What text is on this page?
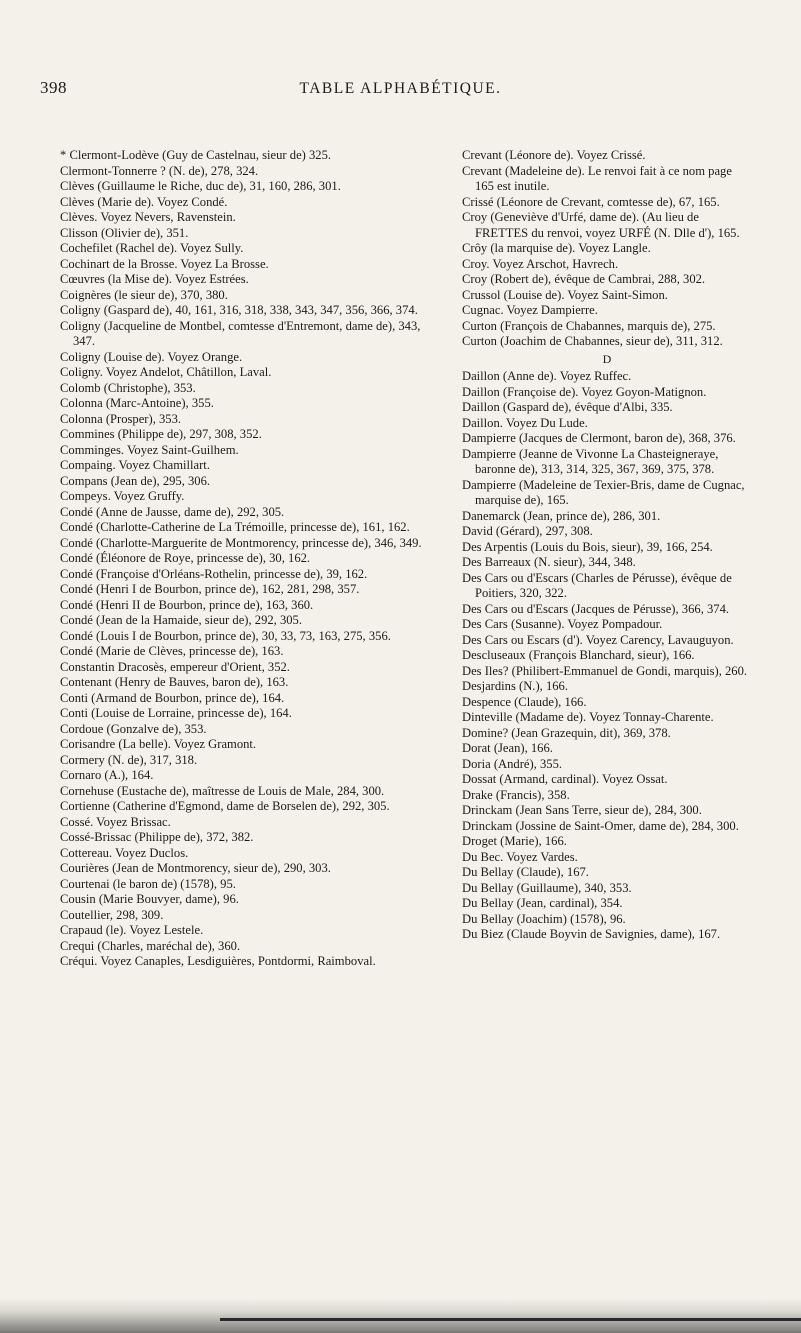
398	TABLE ALPHABÉTIQUE.

* Clermont-Lodève (Guy de Castelnau, sieur de) 325.

Clermont-Tonnerre ? (N. de), 278, 324.

Clèves (Guillaume le Riche, duc de), 31, 160, 286, 301.

Clèves (Marie de). Voyez Condé.

Clèves. Voyez Nevers, Ravenstein.

Clisson (Olivier de), 351.

Cochefilet (Rachel de). Voyez Sully.

Cochinart de la Brosse. Voyez La Brosse.

Cœuvres (la Mise de). Voyez Estrées.

Coignères (le sieur de), 370, 380.

Coligny (Gaspard de), 40, 161, 316, 318, 338, 343, 347, 356, 366, 374.

Coligny (Jacqueline de Montbel, comtesse d'Entremont, dame de), 343, 347.

Coligny (Louise de). Voyez Orange.

Coligny. Voyez Andelot, Châtillon, Laval.

Colomb (Christophe), 353.

Colonna (Marc-Antoine), 355.

Colonna (Prosper), 353.

Commines (Philippe de), 297, 308, 352.

Comminges. Voyez Saint-Guilhem.

Compaing. Voyez Chamillart.

Compans (Jean de), 295, 306.

Compeys. Voyez Gruffy.

Condé (Anne de Jausse, dame de), 292, 305.

Condé (Charlotte-Catherine de La Trémoille, princesse de), 161, 162.

Condé (Charlotte-Marguerite de Montmorency, princesse de), 346, 349.

Condé (Éléonore de Roye, princesse de), 30, 162.

Condé (Françoise d'Orléans-Rothelin, princesse de), 39, 162.

Condé (Henri I de Bourbon, prince de), 162, 281, 298, 357.

Condé (Henri II de Bourbon, prince de), 163, 360.

Condé (Jean de la Hamaide, sieur de), 292, 305.

Condé (Louis I de Bourbon, prince de), 30, 33, 73, 163, 275, 356.

Condé (Marie de Clèves, princesse de), 163.

Constantin Dracosès, empereur d'Orient, 352.

Contenant (Henry de Bauves, baron de), 163.

Conti (Armand de Bourbon, prince de), 164.

Conti (Louise de Lorraine, princesse de), 164.

Cordoue (Gonzalve de), 353.

Corisandre (La belle). Voyez Gramont.

Cormery (N. de), 317, 318.

Cornaro (A.), 164.

Cornehuse (Eustache de), maîtresse de Louis de Male, 284, 300.

Cortienne (Catherine d'Egmond, dame de Borselen de), 292, 305.

Cossé. Voyez Brissac.

Cossé-Brissac (Philippe de), 372, 382.

Cottereau. Voyez Duclos.

Courières (Jean de Montmorency, sieur de), 290, 303.

Courtenai (le baron de) (1578), 95.

Cousin (Marie Bouvyer, dame), 96.

Coutellier, 298, 309.

Crapaud (le). Voyez Lestele.

Crequi (Charles, maréchal de), 360.

Créqui. Voyez Canaples, Lesdiguières, Pontdormi, Raimboval.

Crevant (Léonore de). Voyez Crissé.

Crevant (Madeleine de). Le renvoi fait à ce nom page 165 est inutile.

Crissé (Léonore de Crevant, comtesse de), 67, 165.

Croy (Geneviève d'Urfé, dame de). (Au lieu de FRETTES du renvoi, voyez URFÉ (N. Dlle d'), 165.

Crôy (la marquise de). Voyez Langle.

Croy. Voyez Arschot, Havrech.

Croy (Robert de), évêque de Cambrai, 288, 302.

Crussol (Louise de). Voyez Saint-Simon.

Cugnac. Voyez Dampierre.

Curton (François de Chabannes, marquis de), 275.

Curton (Joachim de Chabannes, sieur de), 311, 312.

D

Daillon (Anne de). Voyez Ruffec.

Daillon (Françoise de). Voyez Goyon-Matignon.

Daillon (Gaspard de), évêque d'Albi, 335.

Daillon. Voyez Du Lude.

Dampierre (Jacques de Clermont, baron de), 368, 376.

Dampierre (Jeanne de Vivonne La Chasteigneraye, baronne de), 313, 314, 325, 367, 369, 375, 378.

Dampierre (Madeleine de Texier-Bris, dame de Cugnac, marquise de), 165.

Danemarck (Jean, prince de), 286, 301.

David (Gérard), 297, 308.

Des Arpentis (Louis du Bois, sieur), 39, 166, 254.

Des Barreaux (N. sieur), 344, 348.

Des Cars ou d'Escars (Charles de Pérusse), évêque de Poitiers, 320, 322.

Des Cars ou d'Escars (Jacques de Pérusse), 366, 374.

Des Cars (Susanne). Voyez Pompadour.

Des Cars ou Escars (d'). Voyez Carency, Lavauguyon.

Descluseaux (François Blanchard, sieur), 166.

Des Iles? (Philibert-Emmanuel de Gondi, marquis), 260.

Desjardins (N.), 166.

Despence (Claude), 166.

Dinteville (Madame de). Voyez Tonnay-Charente.

Domine? (Jean Grazequin, dit), 369, 378.

Dorat (Jean), 166.

Doria (André), 355.

Dossat (Armand, cardinal). Voyez Ossat.

Drake (Francis), 358.

Drinckam (Jean Sans Terre, sieur de), 284, 300.

Drinckam (Jossine de Saint-Omer, dame de), 284, 300.

Droget (Marie), 166.

Du Bec. Voyez Vardes.

Du Bellay (Claude), 167.

Du Bellay (Guillaume), 340, 353.

Du Bellay (Jean, cardinal), 354.

Du Bellay (Joachim) (1578), 96.

Du Biez (Claude Boyvin de Savignies, dame), 167.
